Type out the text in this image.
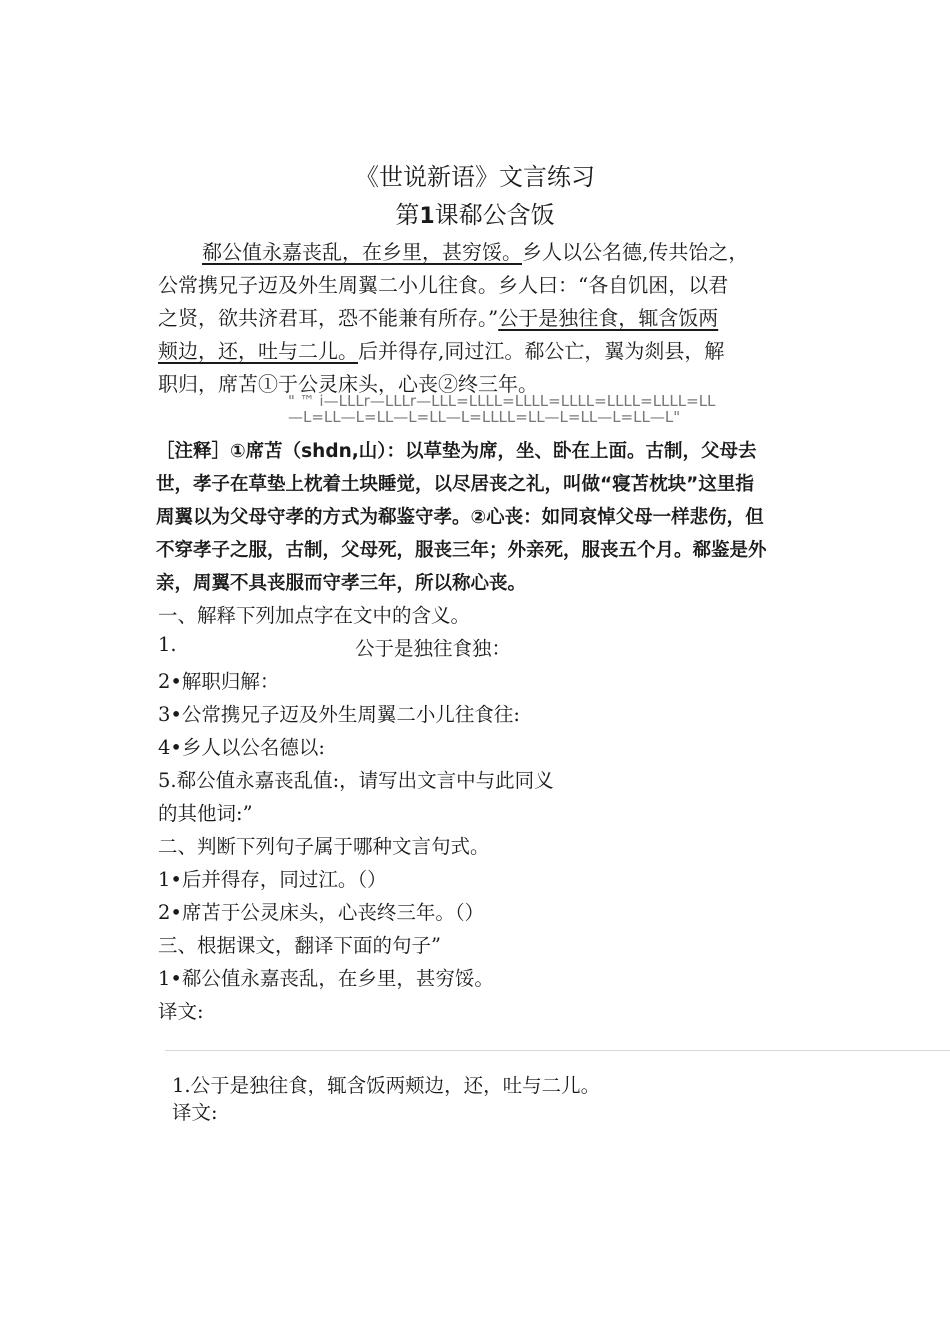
《世说新语》文言练习
第1课郗公含饭
郗公值永嘉丧乱，在乡里，甚穷馁。乡人以公名德,传共饴之，
公常携兄子迈及外生周翼二小儿往食。乡人曰：“各自饥困，以君
之贤，欲共济君耳，恐不能兼有所存。”公于是独往食，辄含饭两
颊边，还，吐与二儿。后并得存,同过江。郗公亡，翼为剡县，解
职归，席苫①于公灵床头，心丧②终三年。
" ™ i—LLLr—LLLr—LLL=LLLL=LLLL=LLLL=LLLL=LLLL=LL
—L=LL—L=LL—L=LL—L=LLLL=LL—L=LL—L=LL—L"
［注释］①席苫（shdn,山）：以草垫为席，坐、卧在上面。古制，父母去
世，孝子在草垫上枕着土块睡觉，以尽居丧之礼，叫做“寝苫枕块”这里指
周翼以为父母守孝的方式为郗鉴守孝。②心丧：如同哀悼父母一样悲伤，但
不穿孝子之服，古制，父母死，服丧三年；外亲死，服丧五个月。郗鉴是外
亲，周翼不具丧服而守孝三年，所以称心丧。
一、解释下列加点字在文中的含义。
1.	公于是独往食独：
2•解职归解：
3•公常携兄子迈及外生周翼二小儿往食往:
4•乡人以公名德以:
5.郗公值永嘉丧乱值:，请写出文言中与此同义
的其他词:”
二、判断下列句子属于哪种文言句式。
1•后并得存，同过江。（）
2•席苫于公灵床头，心丧终三年。（）
三、根据课文，翻译下面的句子”
1•郗公值永嘉丧乱，在乡里，甚穷馁。
译文:
1.公于是独往食，辄含饭两颊边，还，吐与二儿。
译文:
